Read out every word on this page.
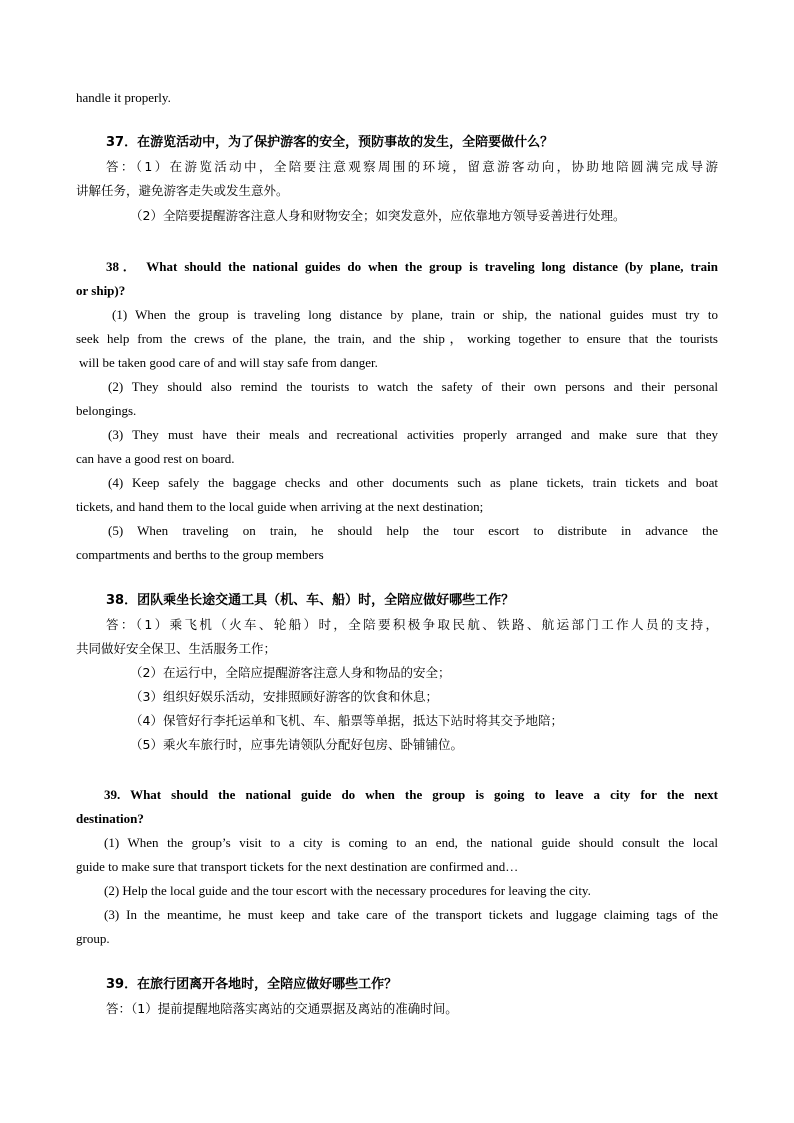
handle it properly.
37．在游览活动中，为了保护游客的安全，预防事故的发生，全陪要做什么？
答：（1）在游览活动中，全陪要注意观察周围的环境，留意游客动向，协助地陪圆满完成导游
讲解任务，避免游客走失或发生意外。
（2）全陪要提醒游客注意人身和财物安全；如突发意外，应依靠地方领导妥善进行处理。
38． What should the national guides do when the group is traveling long distance (by plane, train
or ship)?
(1) When the group is traveling long distance by plane, train or ship, the national guides must try to
seek help from the crews of the plane, the train, and the ship，working together to ensure that the tourists
will be taken good care of and will stay safe from danger.
(2) They should also remind the tourists to watch the safety of their own persons and their personal
belongings.
(3) They must have their meals and recreational activities properly arranged and make sure that they
can have a good rest on board.
(4) Keep safely the baggage checks and other documents such as plane tickets, train tickets and boat
tickets, and hand them to the local guide when arriving at the next destination;
(5) When traveling on train, he should help the tour escort to distribute in advance the
compartments and berths to the group members
38．团队乘坐长途交通工具（机、车、船）时，全陪应做好哪些工作？
答：（1）乘飞机（火车、轮船）时，全陪要积极争取民航、铁路、航运部门工作人员的支持，
共同做好安全保卫、生活服务工作；
（2）在运行中，全陪应提醒游客注意人身和物品的安全；
（3）组织好娱乐活动，安排照顾好游客的饮食和休息；
（4）保管好行李托运单和飞机、车、船票等单据，抵达下站时将其交予地陪；
（5）乘火车旅行时，应事先请领队分配好包房、卧铺铺位。
39. What should the national guide do when the group is going to leave a city for the next
destination?
(1) When the group’s visit to a city is coming to an end, the national guide should consult the local
guide to make sure that transport tickets for the next destination are confirmed and…
(2) Help the local guide and the tour escort with the necessary procedures for leaving the city.
(3) In the meantime, he must keep and take care of the transport tickets and luggage claiming tags of the
group.
39．在旅行团离开各地时，全陪应做好哪些工作？
答：（1）提前提醒地陪落实离站的交通票据及离站的准确时间。
